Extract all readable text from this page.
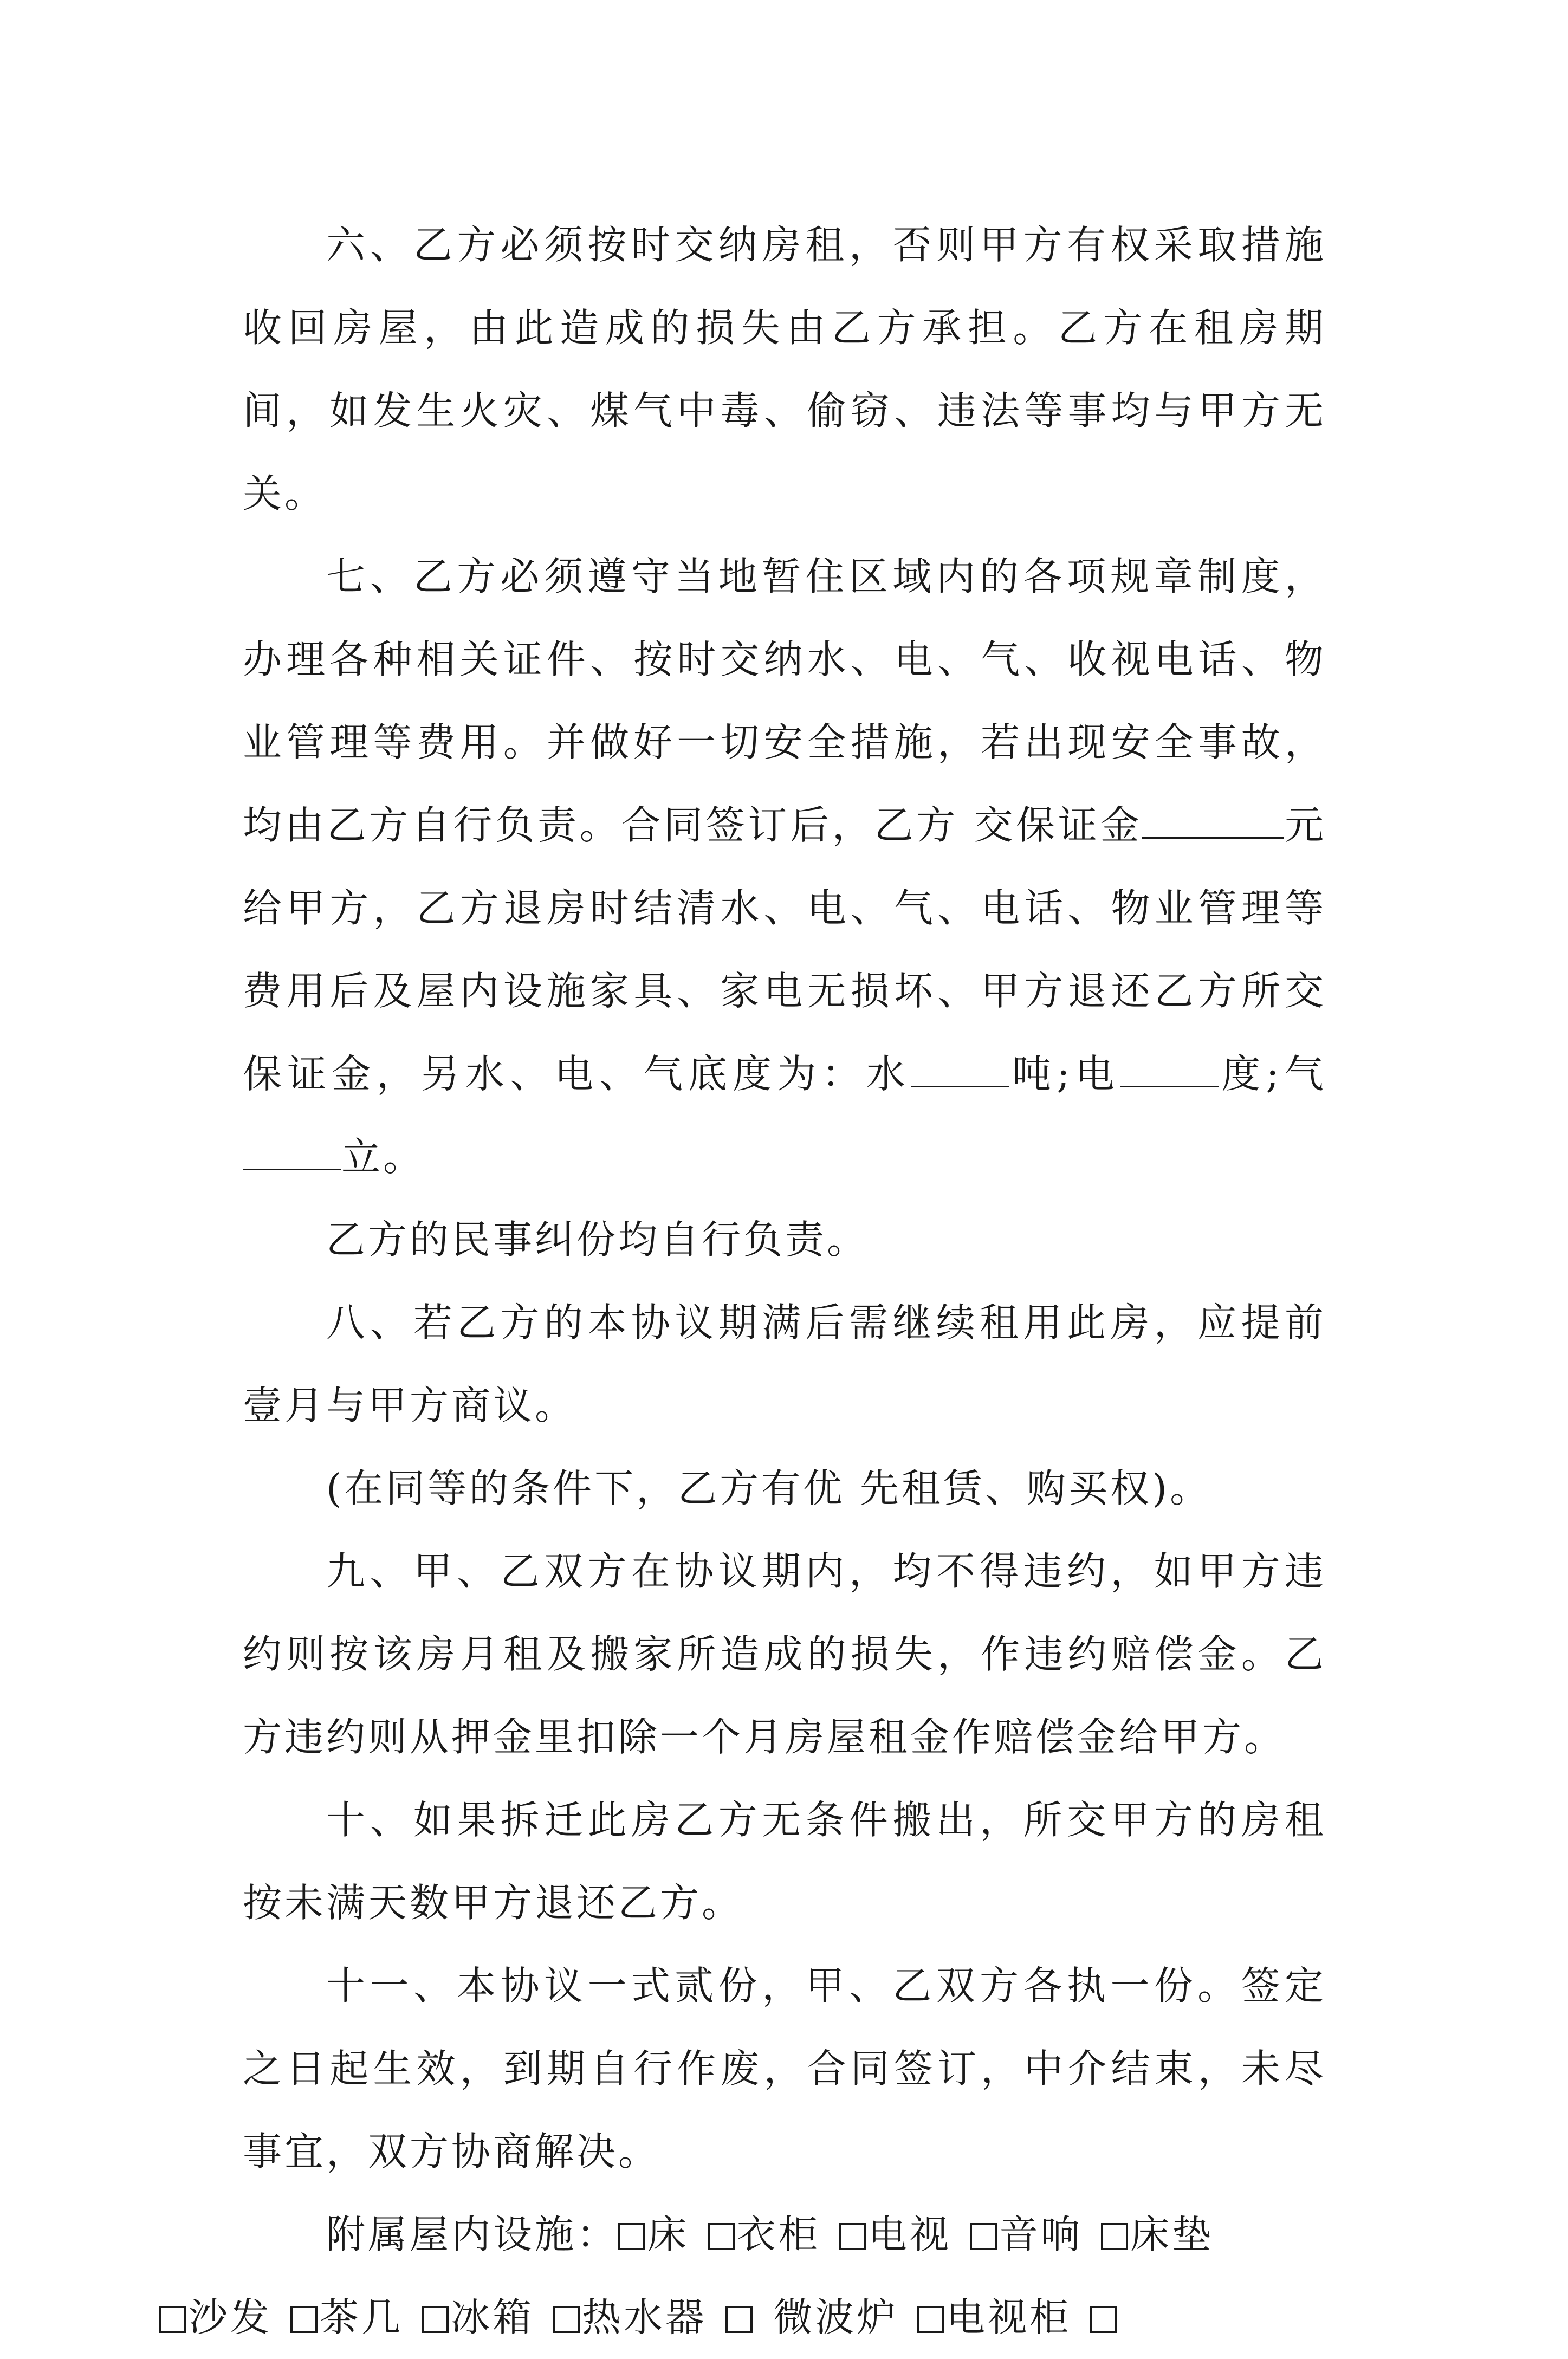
六、乙方必须按时交纳房租，否则甲方有权采取措施收回房屋，由此造成的损失由乙方承担。乙方在租房期间，如发生火灾、煤气中毒、偷窃、违法等事均与甲方无关。

七、乙方必须遵守当地暂住区域内的各项规章制度，办理各种相关证件、按时交纳水、电、气、收视电话、物业管理等费用。并做好一切安全措施，若出现安全事故，均由乙方自行负责。合同签订后，乙方 交保证金	元给甲方，乙方退房时结清水、电、气、电话、物业管理等费用后及屋内设施家具、家电无损坏、甲方退还乙方所交保证金，另水、电、气底度为：水	吨;电	度;气立。

乙方的民事纠份均自行负责。

八、若乙方的本协议期满后需继续租用此房，应提前壹月与甲方商议。

(在同等的条件下，乙方有优 先租赁、购买权)。

九、甲、乙双方在协议期内，均不得违约，如甲方违约则按该房月租及搬家所造成的损失，作违约赔偿金。乙方违约则从押金里扣除一个月房屋租金作赔偿金给甲方。

十、如果拆迁此房乙方无条件搬出，所交甲方的房租按未满天数甲方退还乙方。

十一、本协议一式贰份，甲、乙双方各执一份。签定之日起生效，到期自行作废，合同签订，中介结束，未尽事宜，双方协商解决。

附属屋内设施： 床 衣柜 电视 音响 床垫
沙发 茶几 冰箱 热水器 微波炉 电视柜
